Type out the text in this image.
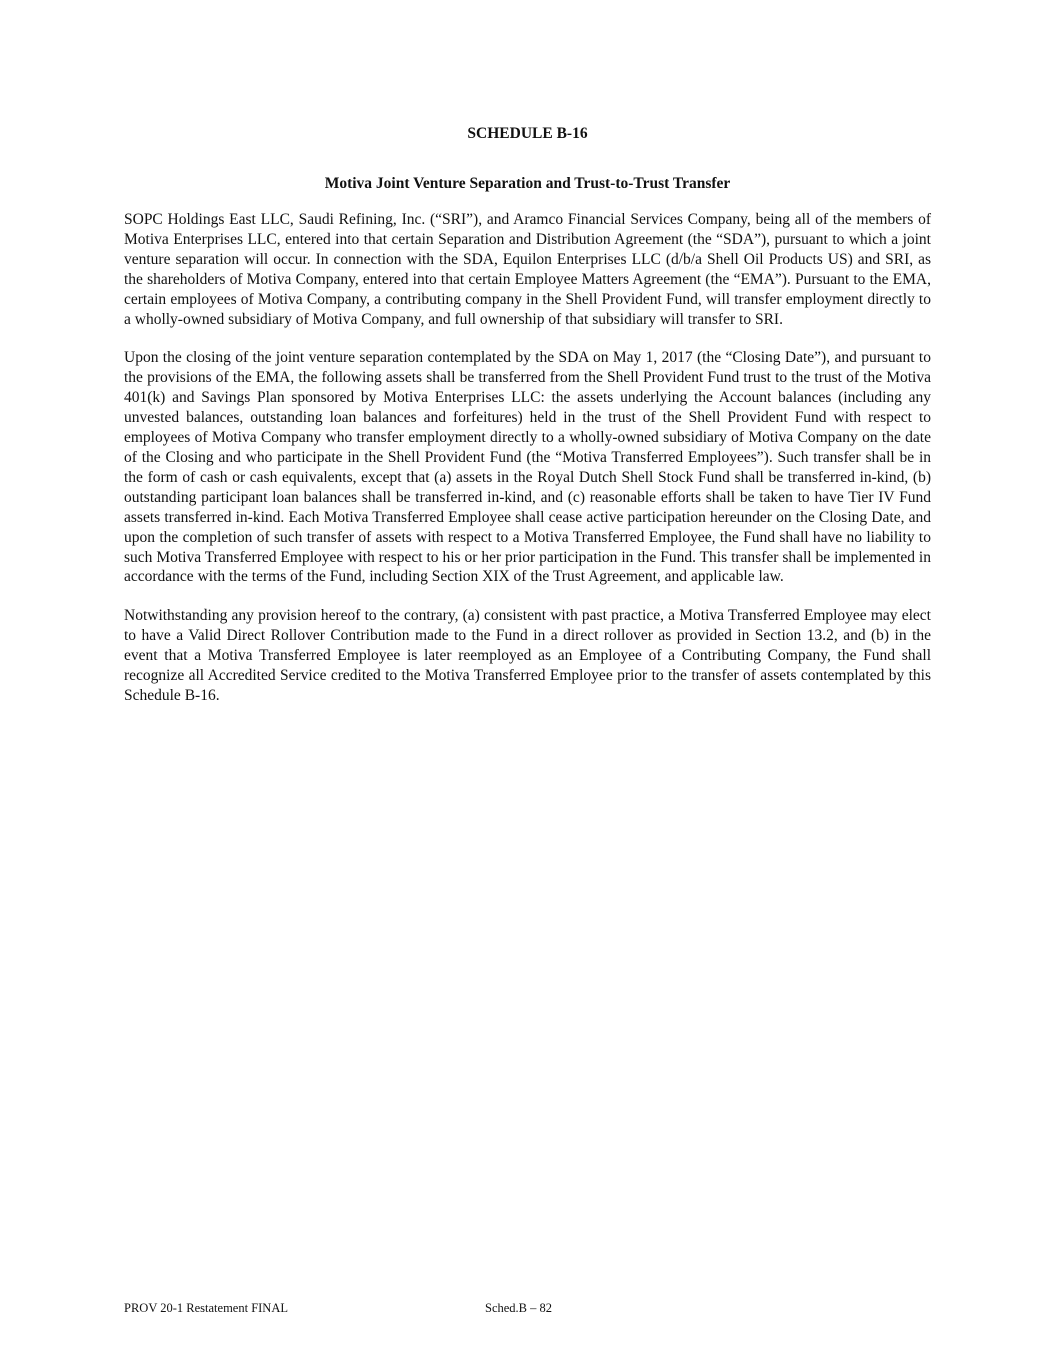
SCHEDULE B-16
Motiva Joint Venture Separation and Trust-to-Trust Transfer

SOPC Holdings East LLC, Saudi Refining, Inc. (“SRI”), and Aramco Financial Services Company, being all of the members of Motiva Enterprises LLC, entered into that certain Separation and Distribution Agreement (the “SDA”), pursuant to which a joint venture separation will occur. In connection with the SDA, Equilon Enterprises LLC (d/b/a Shell Oil Products US) and SRI, as the shareholders of Motiva Company, entered into that certain Employee Matters Agreement (the “EMA”). Pursuant to the EMA, certain employees of Motiva Company, a contributing company in the Shell Provident Fund, will transfer employment directly to a wholly-owned subsidiary of Motiva Company, and full ownership of that subsidiary will transfer to SRI.

Upon the closing of the joint venture separation contemplated by the SDA on May 1, 2017 (the “Closing Date”), and pursuant to the provisions of the EMA, the following assets shall be transferred from the Shell Provident Fund trust to the trust of the Motiva 401(k) and Savings Plan sponsored by Motiva Enterprises LLC: the assets underlying the Account balances (including any unvested balances, outstanding loan balances and forfeitures) held in the trust of the Shell Provident Fund with respect to employees of Motiva Company who transfer employment directly to a wholly-owned subsidiary of Motiva Company on the date of the Closing and who participate in the Shell Provident Fund (the “Motiva Transferred Employees”). Such transfer shall be in the form of cash or cash equivalents, except that (a) assets in the Royal Dutch Shell Stock Fund shall be transferred in-kind, (b) outstanding participant loan balances shall be transferred in-kind, and (c) reasonable efforts shall be taken to have Tier IV Fund assets transferred in-kind. Each Motiva Transferred Employee shall cease active participation hereunder on the Closing Date, and upon the completion of such transfer of assets with respect to a Motiva Transferred Employee, the Fund shall have no liability to such Motiva Transferred Employee with respect to his or her prior participation in the Fund. This transfer shall be implemented in accordance with the terms of the Fund, including Section XIX of the Trust Agreement, and applicable law.

Notwithstanding any provision hereof to the contrary, (a) consistent with past practice, a Motiva Transferred Employee may elect to have a Valid Direct Rollover Contribution made to the Fund in a direct rollover as provided in Section 13.2, and (b) in the event that a Motiva Transferred Employee is later reemployed as an Employee of a Contributing Company, the Fund shall recognize all Accredited Service credited to the Motiva Transferred Employee prior to the transfer of assets contemplated by this Schedule B-16.

PROV 20-1 Restatement FINAL	Sched.B – 82
